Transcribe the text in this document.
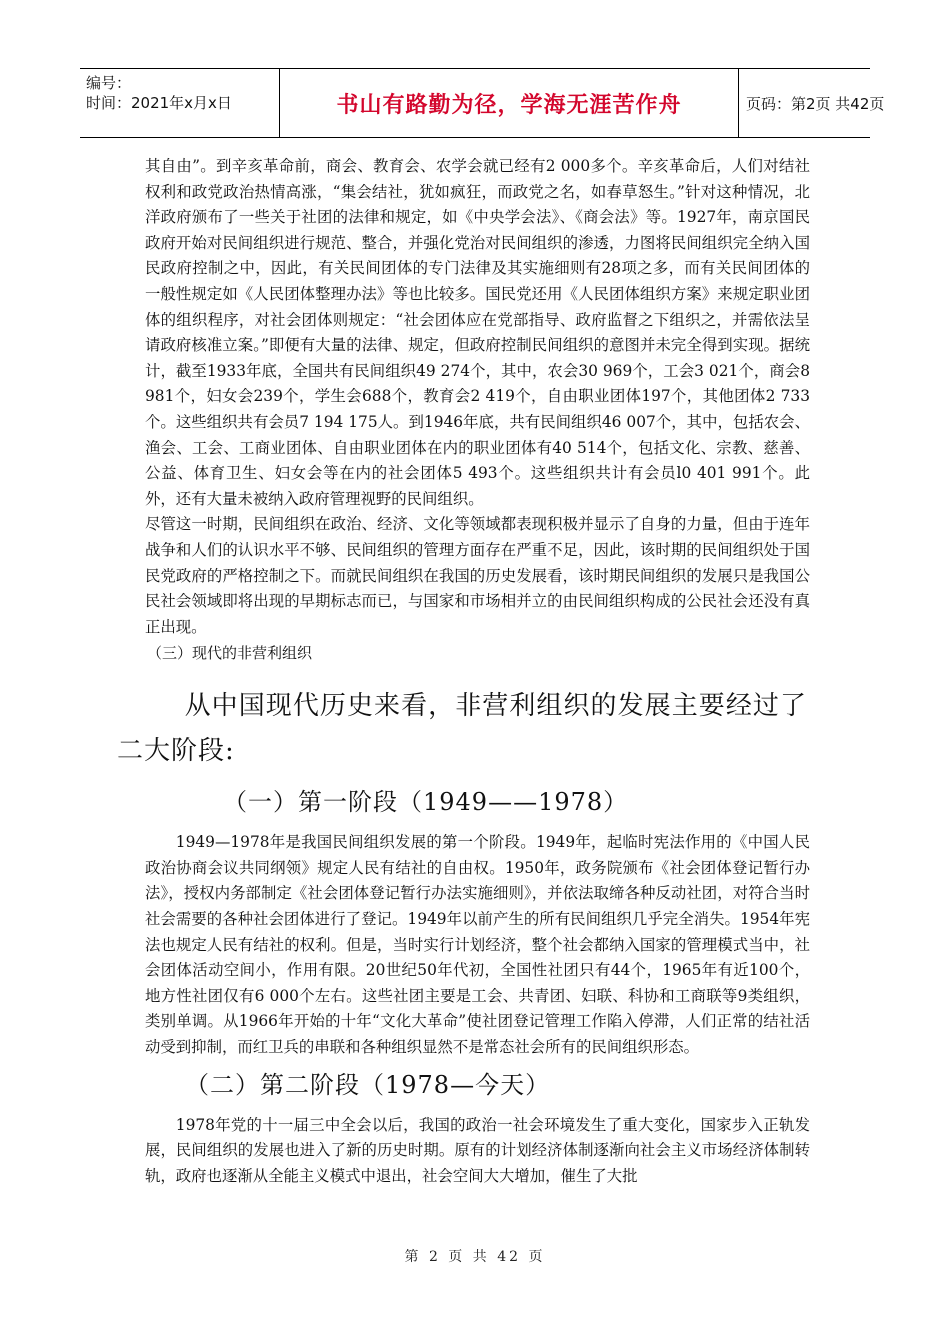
编号：
时间：2021年x月x日	书山有路勤为径，学海无涯苦作舟	页码：第2页 共42页

其自由”。到辛亥革命前，商会、教育会、农学会就已经有2 000多个。辛亥革命后，人们对结社权利和政党政治热情高涨，“集会结社，犹如疯狂，而政党之名，如春草怒生。”针对这种情况，北洋政府颁布了一些关于社团的法律和规定，如《中央学会法》、《商会法》等。1927年，南京国民政府开始对民间组织进行规范、整合，并强化党治对民间组织的渗透，力图将民间组织完全纳入国民政府控制之中，因此，有关民间团体的专门法律及其实施细则有28项之多，而有关民间团体的一般性规定如《人民团体整理办法》等也比较多。国民党还用《人民团体组织方案》来规定职业团体的组织程序，对社会团体则规定：“社会团体应在党部指导、政府监督之下组织之，并需依法呈请政府核准立案。”即便有大量的法律、规定，但政府控制民间组织的意图并未完全得到实现。据统计，截至1933年底，全国共有民间组织49 274个，其中，农会30 969个，工会3 021个，商会8 981个，妇女会239个，学生会688个，教育会2 419个，自由职业团体197个，其他团体2 733个。这些组织共有会员7 194 175人。到1946年底，共有民间组织46 007个，其中，包括农会、渔会、工会、工商业团体、自由职业团体在内的职业团体有40 514个，包括文化、宗教、慈善、公益、体育卫生、妇女会等在内的社会团体5 493个。这些组织共计有会员l0 401 991个。此外，还有大量未被纳入政府管理视野的民间组织。

尽管这一时期，民间组织在政治、经济、文化等领域都表现积极并显示了自身的力量，但由于连年战争和人们的认识水平不够、民间组织的管理方面存在严重不足，因此，该时期的民间组织处于国民党政府的严格控制之下。而就民间组织在我国的历史发展看，该时期民间组织的发展只是我国公民社会领域即将出现的早期标志而已，与国家和市场相并立的由民间组织构成的公民社会还没有真正出现。

（三）现代的非营利组织

从中国现代历史来看，非营利组织的发展主要经过了二大阶段:

（一）第一阶段（1949——1978）

1949—1978年是我国民间组织发展的第一个阶段。1949年，起临时宪法作用的《中国人民政治协商会议共同纲领》规定人民有结社的自由权。1950年，政务院颁布《社会团体登记暂行办法》，授权内务部制定《社会团体登记暂行办法实施细则》，并依法取缔各种反动社团，对符合当时社会需要的各种社会团体进行了登记。1949年以前产生的所有民间组织几乎完全消失。1954年宪法也规定人民有结社的权利。但是，当时实行计划经济，整个社会都纳入国家的管理模式当中，社会团体活动空间小，作用有限。20世纪50年代初，全国性社团只有44个，1965年有近100个，地方性社团仅有6 000个左右。这些社团主要是工会、共青团、妇联、科协和工商联等9类组织，类别单调。从1966年开始的十年“文化大革命”使社团登记管理工作陷入停滞，人们正常的结社活动受到抑制，而红卫兵的串联和各种组织显然不是常态社会所有的民间组织形态。

（二）第二阶段（1978—今天）

1978年党的十一届三中全会以后，我国的政治一社会环境发生了重大变化，国家步入正轨发展，民间组织的发展也进入了新的历史时期。原有的计划经济体制逐渐向社会主义市场经济体制转轨，政府也逐渐从全能主义模式中退出，社会空间大大增加，催生了大批

第 2 页 共 42 页
